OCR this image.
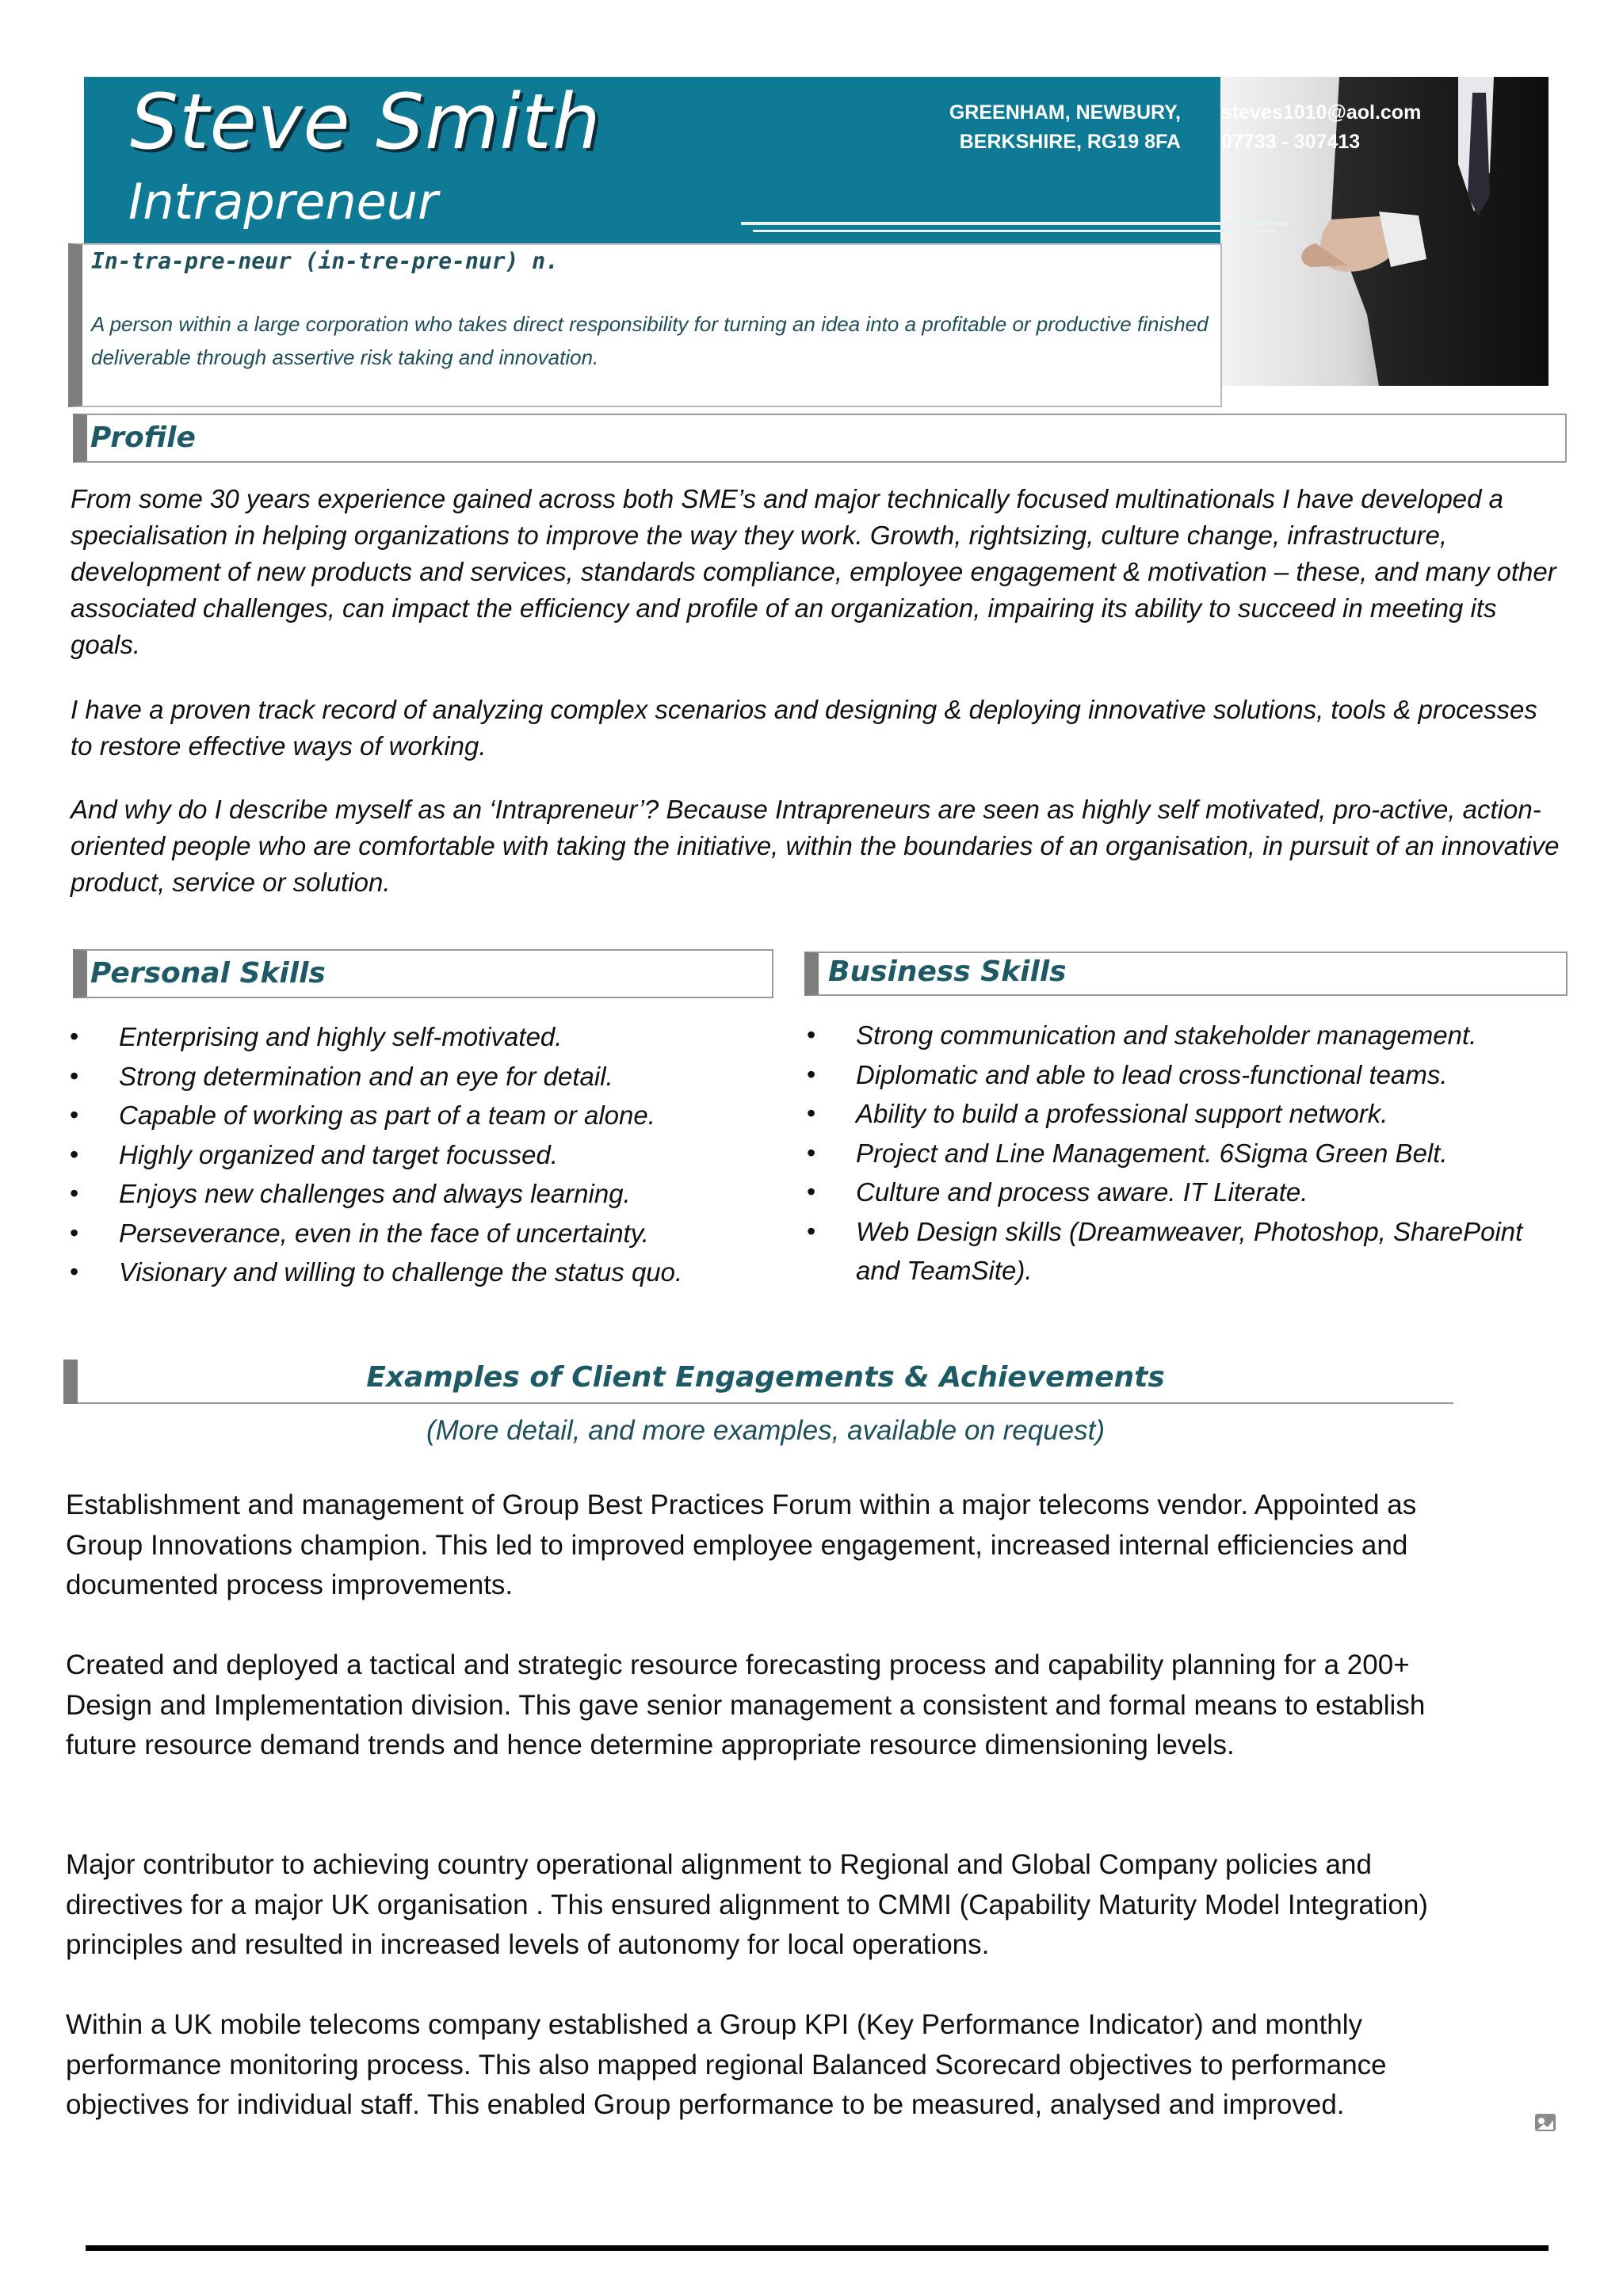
Steve Smith
Intrapreneur
GREENHAM, NEWBURY,
BERKSHIRE, RG19 8FA
steves1010@aol.com
07733 - 307413
In-tra-pre-neur (in-tre-pre-nur) n.
A person within a large corporation who takes direct responsibility for turning an idea into a profitable or productive finished deliverable through assertive risk taking and innovation.
Profile
From some 30 years experience gained across both SME’s and major technically focused multinationals I have developed a specialisation in helping organizations to improve the way they work. Growth, rightsizing, culture change, infrastructure, development of new products and services, standards compliance, employee engagement & motivation – these, and many other associated challenges, can impact the efficiency and profile of an organization, impairing its ability to succeed in meeting its goals.
I have a proven track record of analyzing complex scenarios and designing & deploying innovative solutions, tools & processes to restore effective ways of working.
And why do I describe myself as an ‘Intrapreneur’? Because Intrapreneurs are seen as highly self motivated, pro-active, action-oriented people who are comfortable with taking the initiative, within the boundaries of an organisation, in pursuit of an innovative product, service or solution.
Personal Skills
•	Enterprising and highly self-motivated.
•	Strong determination and an eye for detail.
•	Capable of working as part of a team or alone.
•	Highly organized and target focussed.
•	Enjoys new challenges and always learning.
•	Perseverance, even in the face of uncertainty.
•	Visionary and willing to challenge the status quo.
Business Skills
•	Strong communication and stakeholder management.
•	Diplomatic and able to lead cross-functional teams.
•	Ability to build a professional support network.
•	Project and Line Management. 6Sigma Green Belt.
•	Culture and process aware. IT Literate.
•	Web Design skills (Dreamweaver, Photoshop, SharePoint and TeamSite).
Examples of Client Engagements & Achievements
(More detail, and more examples, available on request)
Establishment and management of Group Best Practices Forum within a major telecoms vendor. Appointed as Group Innovations champion. This led to improved employee engagement, increased internal efficiencies and documented process improvements.
Created and deployed a tactical and strategic resource forecasting process and capability planning for a 200+ Design and Implementation division. This gave senior management a consistent and formal means to establish future resource demand trends and hence determine appropriate resource dimensioning levels.
Major contributor to achieving country operational alignment to Regional and Global Company policies and directives for a major UK organisation . This ensured alignment to CMMI (Capability Maturity Model Integration) principles and resulted in increased levels of autonomy for local operations.
Within a UK mobile telecoms company established a Group KPI (Key Performance Indicator) and monthly performance monitoring process. This also mapped regional Balanced Scorecard objectives to performance objectives for individual staff. This enabled Group performance to be measured, analysed and improved.
